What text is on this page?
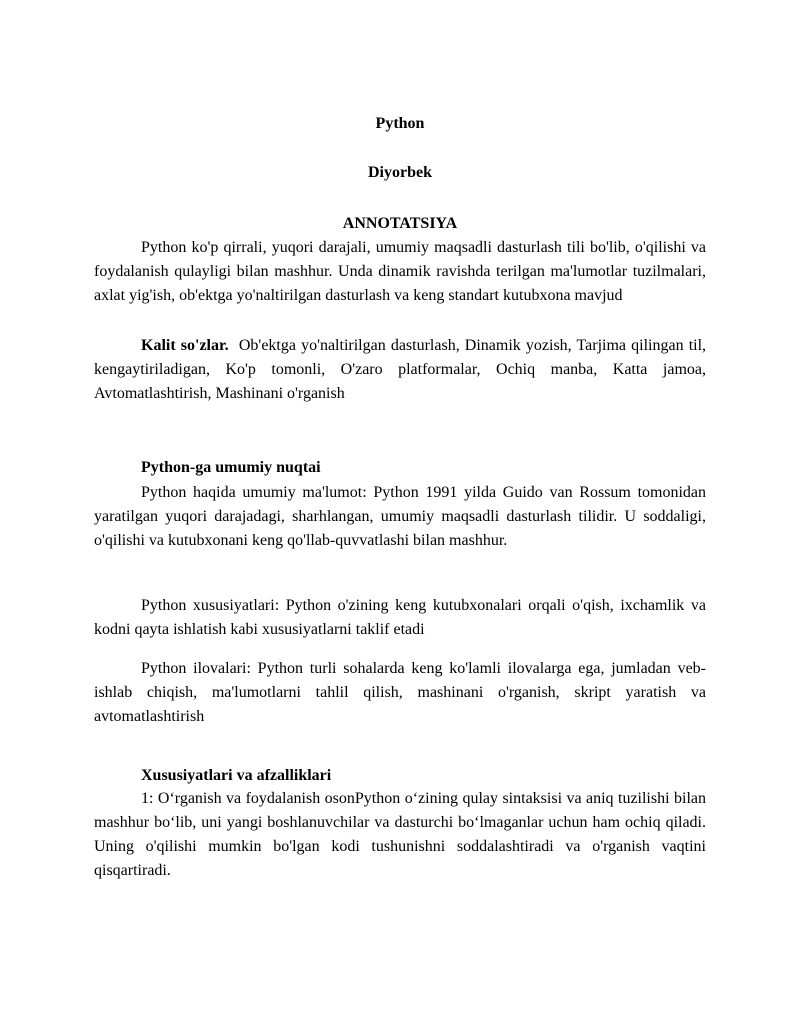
Python
Diyorbek
ANNOTATSIYA
Python ko'p qirrali, yuqori darajali, umumiy maqsadli dasturlash tili bo'lib, o'qilishi va foydalanish qulayligi bilan mashhur. Unda dinamik ravishda terilgan ma'lumotlar tuzilmalari, axlat yig'ish, ob'ektga yo'naltirilgan dasturlash va keng standart kutubxona mavjud
Kalit so'zlar. Ob'ektga yo'naltirilgan dasturlash, Dinamik yozish, Tarjima qilingan til, kengaytiriladigan, Ko'p tomonli, O'zaro platformalar, Ochiq manba, Katta jamoa, Avtomatlashtirish, Mashinani o'rganish
Python-ga umumiy nuqtai
Python haqida umumiy ma'lumot: Python 1991 yilda Guido van Rossum tomonidan yaratilgan yuqori darajadagi, sharhlangan, umumiy maqsadli dasturlash tilidir. U soddaligi, o'qilishi va kutubxonani keng qo'llab-quvvatlashi bilan mashhur.
Python xususiyatlari: Python o'zining keng kutubxonalari orqali o'qish, ixchamlik va kodni qayta ishlatish kabi xususiyatlarni taklif etadi
Python ilovalari: Python turli sohalarda keng ko'lamli ilovalarga ega, jumladan veb-ishlab chiqish, ma'lumotlarni tahlil qilish, mashinani o'rganish, skript yaratish va avtomatlashtirish
Xususiyatlari va afzalliklari
1: O‘rganish va foydalanish osonPython o‘zining qulay sintaksisi va aniq tuzilishi bilan mashhur bo‘lib, uni yangi boshlanuvchilar va dasturchi bo‘lmaganlar uchun ham ochiq qiladi. Uning o'qilishi mumkin bo'lgan kodi tushunishni soddalashtiradi va o'rganish vaqtini qisqartiradi.
